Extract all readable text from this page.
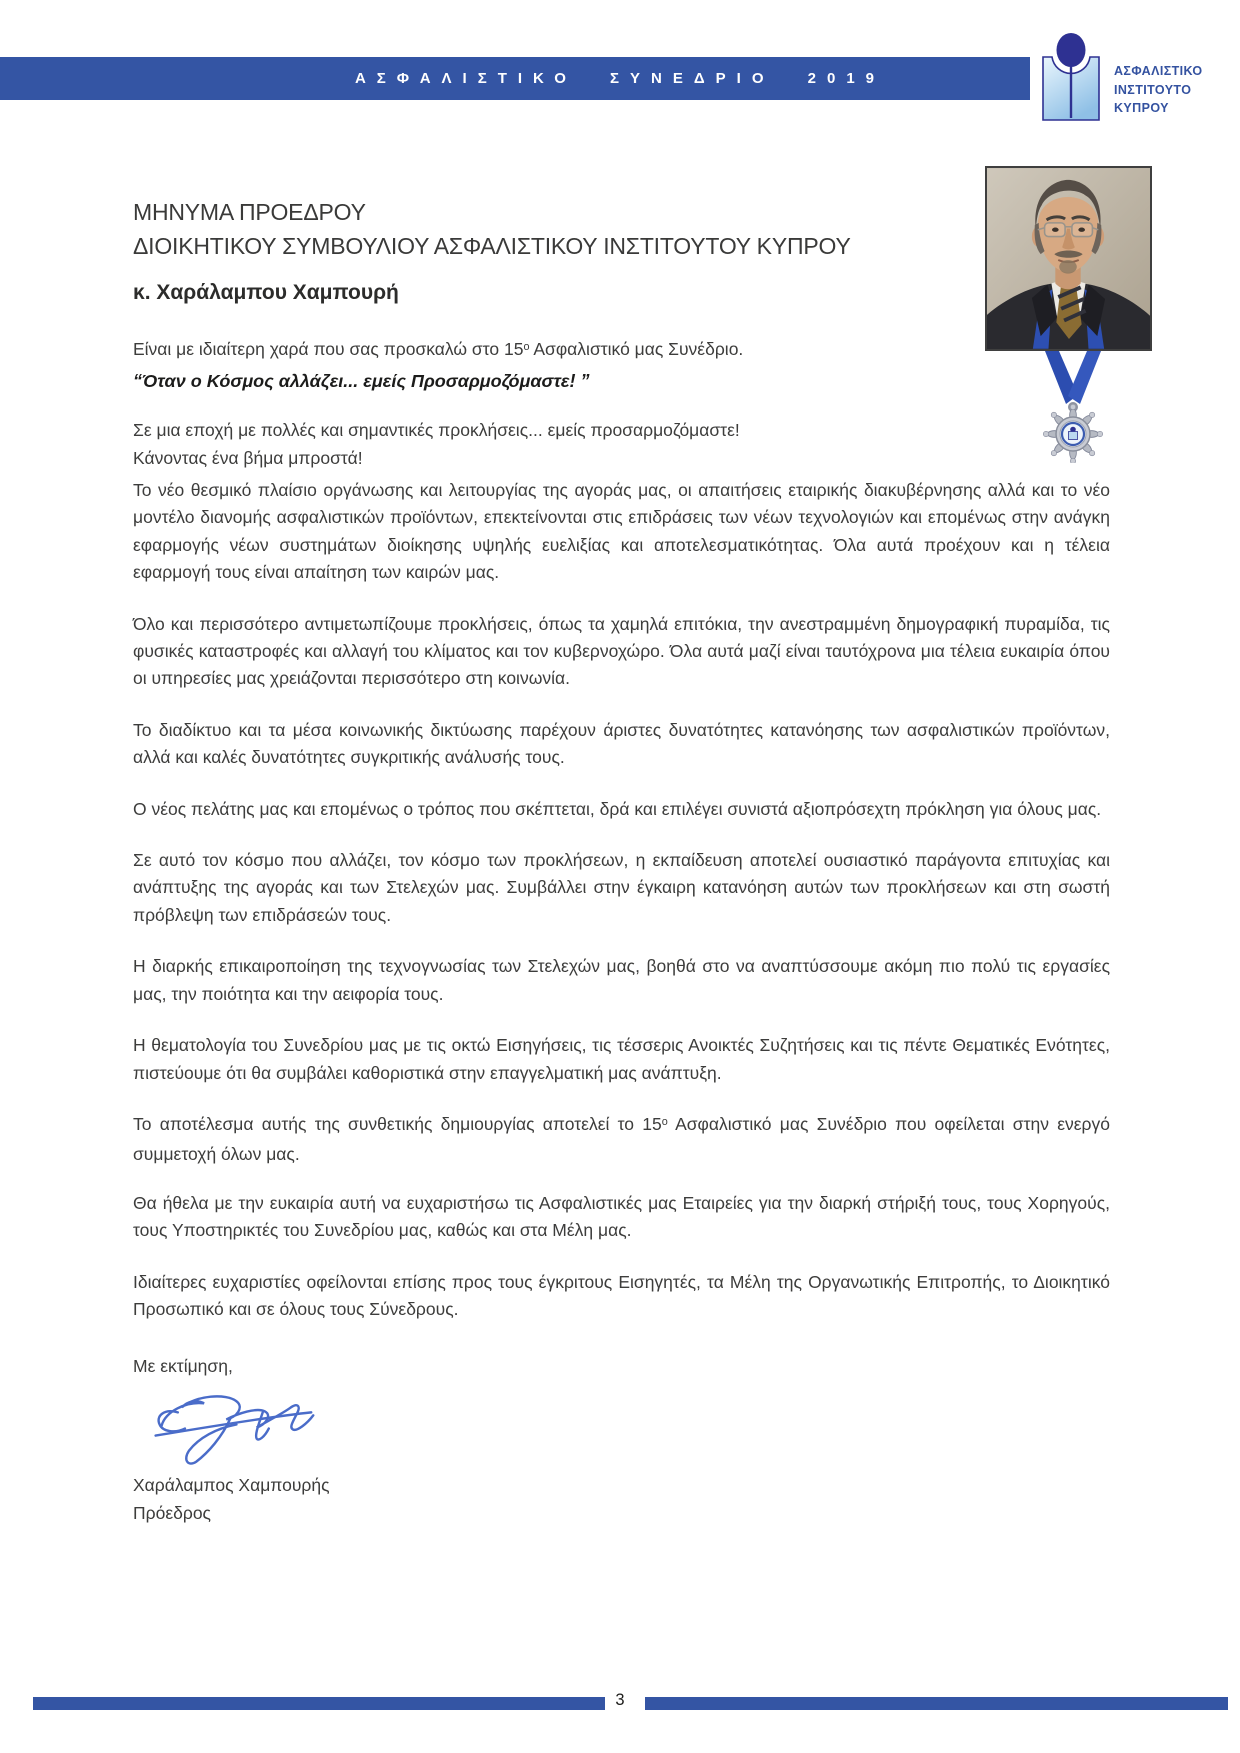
ΑΣΦΑΛΙΣΤΙΚΟ ΣΥΝΕΔΡΙΟ 2019	ΑΣΦΑΛΙΣΤΙΚΟ
ΙΝΣΤΙΤΟΥΤΟ
ΚΥΠΡΟΥ
ΜΗΝΥΜΑ ΠΡΟΕΔΡΟΥ
ΔΙΟΙΚΗΤΙΚΟΥ ΣΥΜΒΟΥΛΙΟΥ ΑΣΦΑΛΙΣΤΙΚΟΥ ΙΝΣΤΙΤΟΥΤΟΥ ΚΥΠΡΟΥ
κ. Χαράλαμπου Χαμπουρή
Είναι με ιδιαίτερη χαρά που σας προσκαλώ στο $15^o$ Ασφαλιστικό μας Συνέδριο.
“Όταν ο Κόσμος αλλάζει... εμείς Προσαρμοζόμαστε! ”
Σε μια εποχή με πολλές και σημαντικές προκλήσεις... εμείς προσαρμοζόμαστε!
Κάνοντας ένα βήμα μπροστά!

Το νέο θεσμικό πλαίσιο οργάνωσης και λειτουργίας της αγοράς μας, οι απαιτήσεις εταιρικής διακυβέρνησης αλλά και το νέο μοντέλο διανομής ασφαλιστικών προϊόντων, επεκτείνονται στις επιδράσεις των νέων τεχνολογιών και επομένως στην ανάγκη εφαρμογής νέων συστημάτων διοίκησης υψηλής ευελιξίας και αποτελεσματικότητας. Όλα αυτά προέχουν και η τέλεια εφαρμογή τους είναι απαίτηση των καιρών μας.

Όλο και περισσότερο αντιμετωπίζουμε προκλήσεις, όπως τα χαμηλά επιτόκια, την ανεστραμμένη δημογραφική πυραμίδα, τις φυσικές καταστροφές και αλλαγή του κλίματος και τον κυβερνοχώρο. Όλα αυτά μαζί είναι ταυτόχρονα μια τέλεια ευκαιρία όπου οι υπηρεσίες μας χρειάζονται περισσότερο στη κοινωνία.

Το διαδίκτυο και τα μέσα κοινωνικής δικτύωσης παρέχουν άριστες δυνατότητες κατανόησης των ασφαλιστικών προϊόντων, αλλά και καλές δυνατότητες συγκριτικής ανάλυσής τους.

Ο νέος πελάτης μας και επομένως ο τρόπος που σκέπτεται, δρά και επιλέγει συνιστά αξιοπρόσεχτη πρόκληση για όλους μας.

Σε αυτό τον κόσμο που αλλάζει, τον κόσμο των προκλήσεων, η εκπαίδευση αποτελεί ουσιαστικό παράγοντα επιτυχίας και ανάπτυξης της αγοράς και των Στελεχών μας. Συμβάλλει στην έγκαιρη κατανόηση αυτών των προκλήσεων και στη σωστή πρόβλεψη των επιδράσεών τους.

Η διαρκής επικαιροποίηση της τεχνογνωσίας των Στελεχών μας, βοηθά στο να αναπτύσσουμε ακόμη πιο πολύ τις εργασίες μας, την ποιότητα και την αειφορία τους.

Η θεματολογία του Συνεδρίου μας με τις οκτώ Εισηγήσεις, τις τέσσερις Ανοικτές Συζητήσεις και τις πέντε Θεματικές Ενότητες, πιστεύουμε ότι θα συμβάλει καθοριστικά στην επαγγελματική μας ανάπτυξη.

Το αποτέλεσμα αυτής της συνθετικής δημιουργίας αποτελεί το $15^o$ Ασφαλιστικό μας Συνέδριο που οφείλεται στην ενεργό συμμετοχή όλων μας.

Θα ήθελα με την ευκαιρία αυτή να ευχαριστήσω τις Ασφαλιστικές μας Εταιρείες για την διαρκή στήριξή τους, τους Χορηγούς, τους Υποστηρικτές του Συνεδρίου μας, καθώς και στα Μέλη μας.

Ιδιαίτερες ευχαριστίες οφείλονται επίσης προς τους έγκριτους Εισηγητές, τα Μέλη της Οργανωτικής Επιτροπής, το Διοικητικό Προσωπικό και σε όλους τους Σύνεδρους.

Με εκτίμηση,
Χαράλαμπος Χαμπουρής
Πρόεδρος
3
